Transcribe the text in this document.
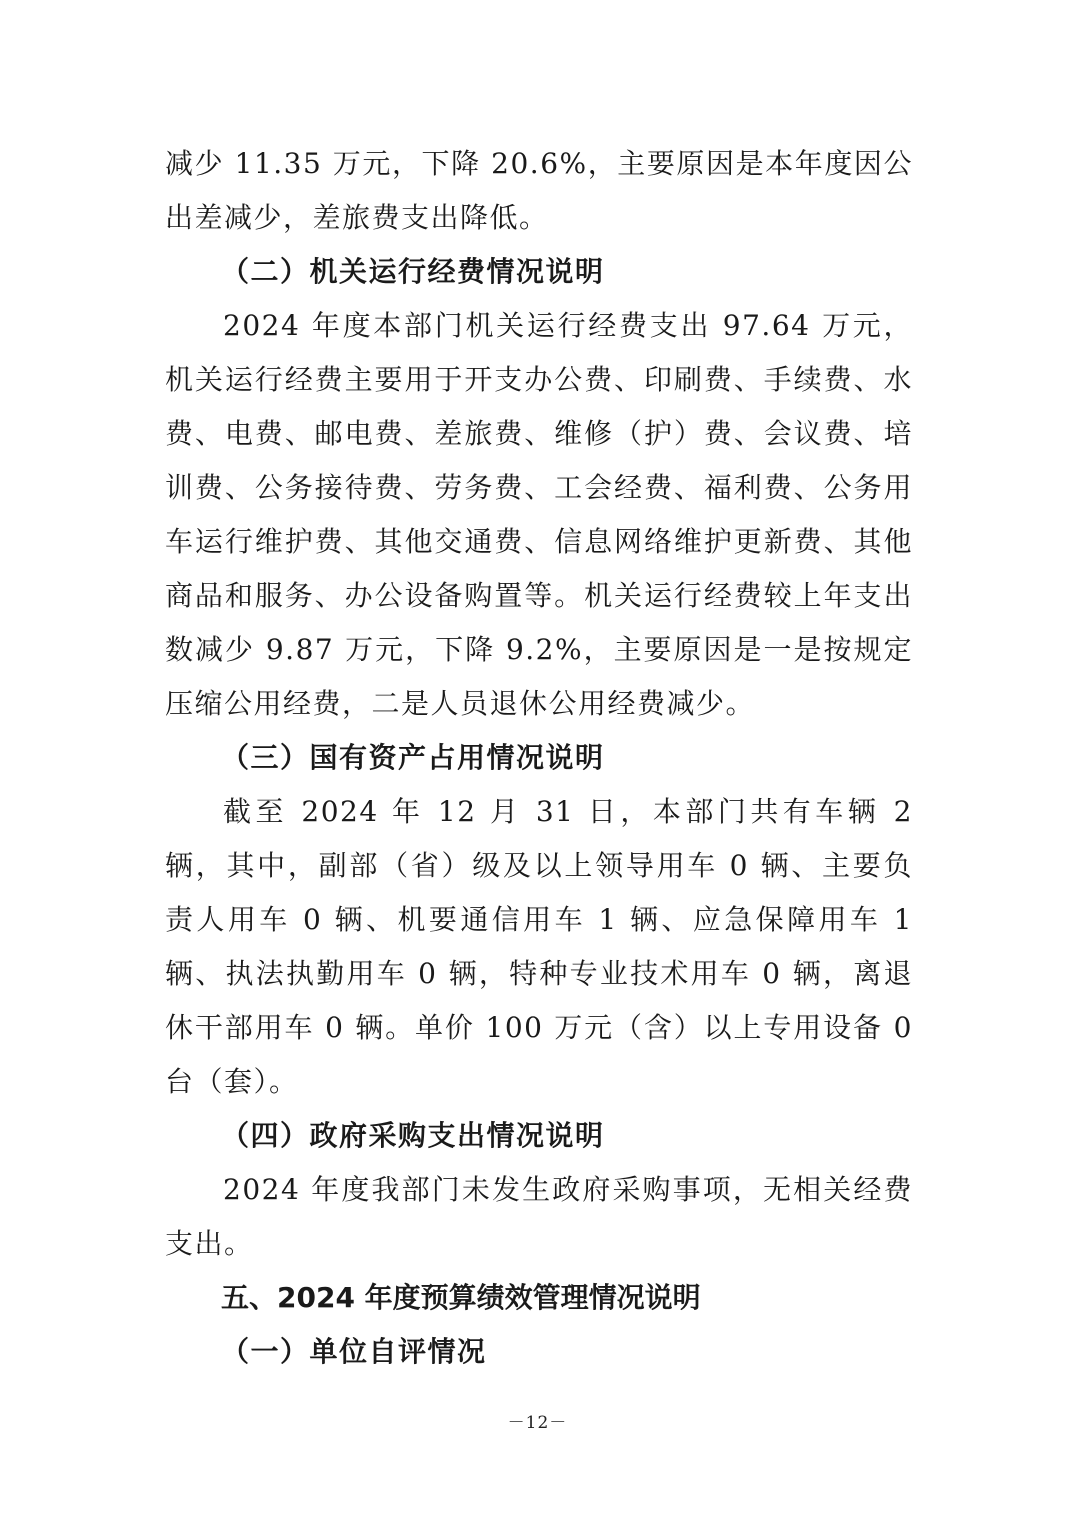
减少 11.35 万元，下降 20.6%，主要原因是本年度因公出差减少，差旅费支出降低。

（二）机关运行经费情况说明

2024 年度本部门机关运行经费支出 97.64 万元，机关运行经费主要用于开支办公费、印刷费、手续费、水费、电费、邮电费、差旅费、维修（护）费、会议费、培训费、公务接待费、劳务费、工会经费、福利费、公务用车运行维护费、其他交通费、信息网络维护更新费、其他商品和服务、办公设备购置等。机关运行经费较上年支出数减少 9.87 万元，下降 9.2%，主要原因是一是按规定压缩公用经费，二是人员退休公用经费减少。

（三）国有资产占用情况说明

截至 2024 年 12 月 31 日，本部门共有车辆 2 辆，其中，副部（省）级及以上领导用车 0 辆、主要负责人用车 0 辆、机要通信用车 1 辆、应急保障用车 1 辆、执法执勤用车 0 辆，特种专业技术用车 0 辆，离退休干部用车 0 辆。单价 100 万元（含）以上专用设备 0 台（套）。

（四）政府采购支出情况说明

2024 年度我部门未发生政府采购事项，无相关经费支出。

五、2024 年度预算绩效管理情况说明

（一）单位自评情况

－12－
